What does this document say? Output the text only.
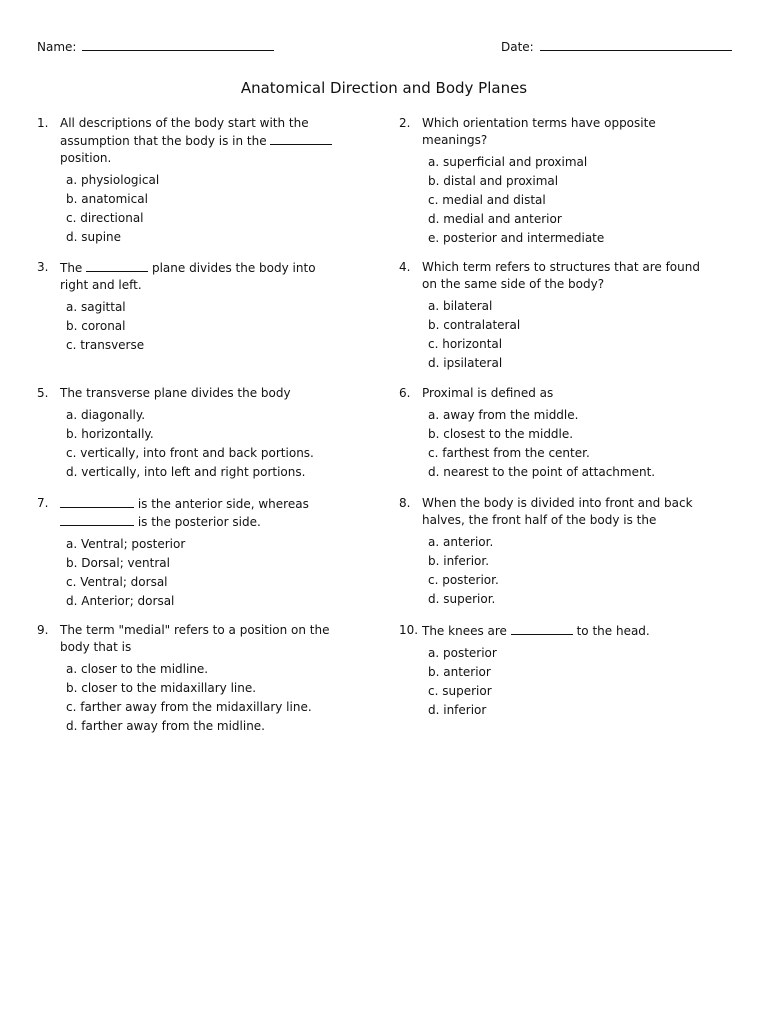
Name:	Date:
Anatomical Direction and Body Planes
1. All descriptions of the body start with the assumption that the body is in the  position.
a. physiological
b. anatomical
c. directional
d. supine
2. Which orientation terms have opposite meanings?
a. superficial and proximal
b. distal and proximal
c. medial and distal
d. medial and anterior
e. posterior and intermediate
3. The	plane divides the body into right and left.
a. sagittal
b. coronal
c. transverse
4. Which term refers to structures that are found on the same side of the body?
a. bilateral
b. contralateral
c. horizontal
d. ipsilateral
5. The transverse plane divides the body
a. diagonally.
b. horizontally.
c. vertically, into front and back portions.
d. vertically, into left and right portions.
6. Proximal is defined as
a. away from the middle.
b. closest to the middle.
c. farthest from the center.
d. nearest to the point of attachment.
7.	is the anterior side, whereas
is the posterior side.
a. Ventral; posterior
b. Dorsal; ventral
c. Ventral; dorsal
d. Anterior; dorsal
8. When the body is divided into front and back halves, the front half of the body is the
a. anterior.
b. inferior.
c. posterior.
d. superior.
9. The term "medial" refers to a position on the body that is
a. closer to the midline.
b. closer to the midaxillary line.
c. farther away from the midaxillary line.
d. farther away from the midline.
10. The knees are	to the head.
a. posterior
b. anterior
c. superior
d. inferior
